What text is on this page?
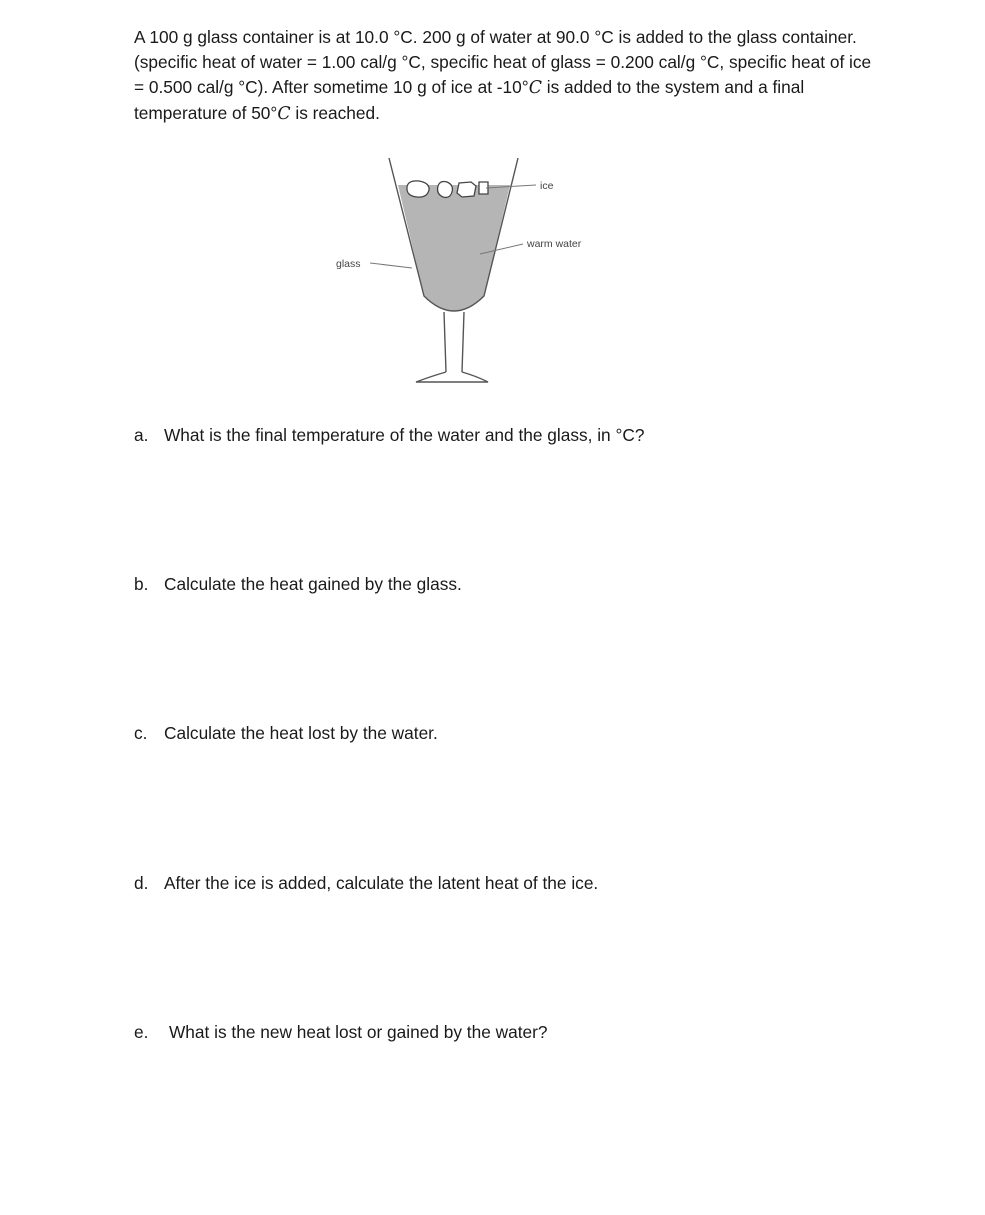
A 100 g glass container is at 10.0 °C. 200 g of water at 90.0 °C is added to the glass container. (specific heat of water = 1.00 cal/g °C, specific heat of glass = 0.200 cal/g °C, specific heat of ice = 0.500 cal/g °C). After sometime 10 g of ice at -10°C is added to the system and a final temperature of 50°C is reached.

ice
warm water
glass

a. What is the final temperature of the water and the glass, in °C?

b. Calculate the heat gained by the glass.

c. Calculate the heat lost by the water.

d. After the ice is added, calculate the latent heat of the ice.

e. What is the new heat lost or gained by the water?
